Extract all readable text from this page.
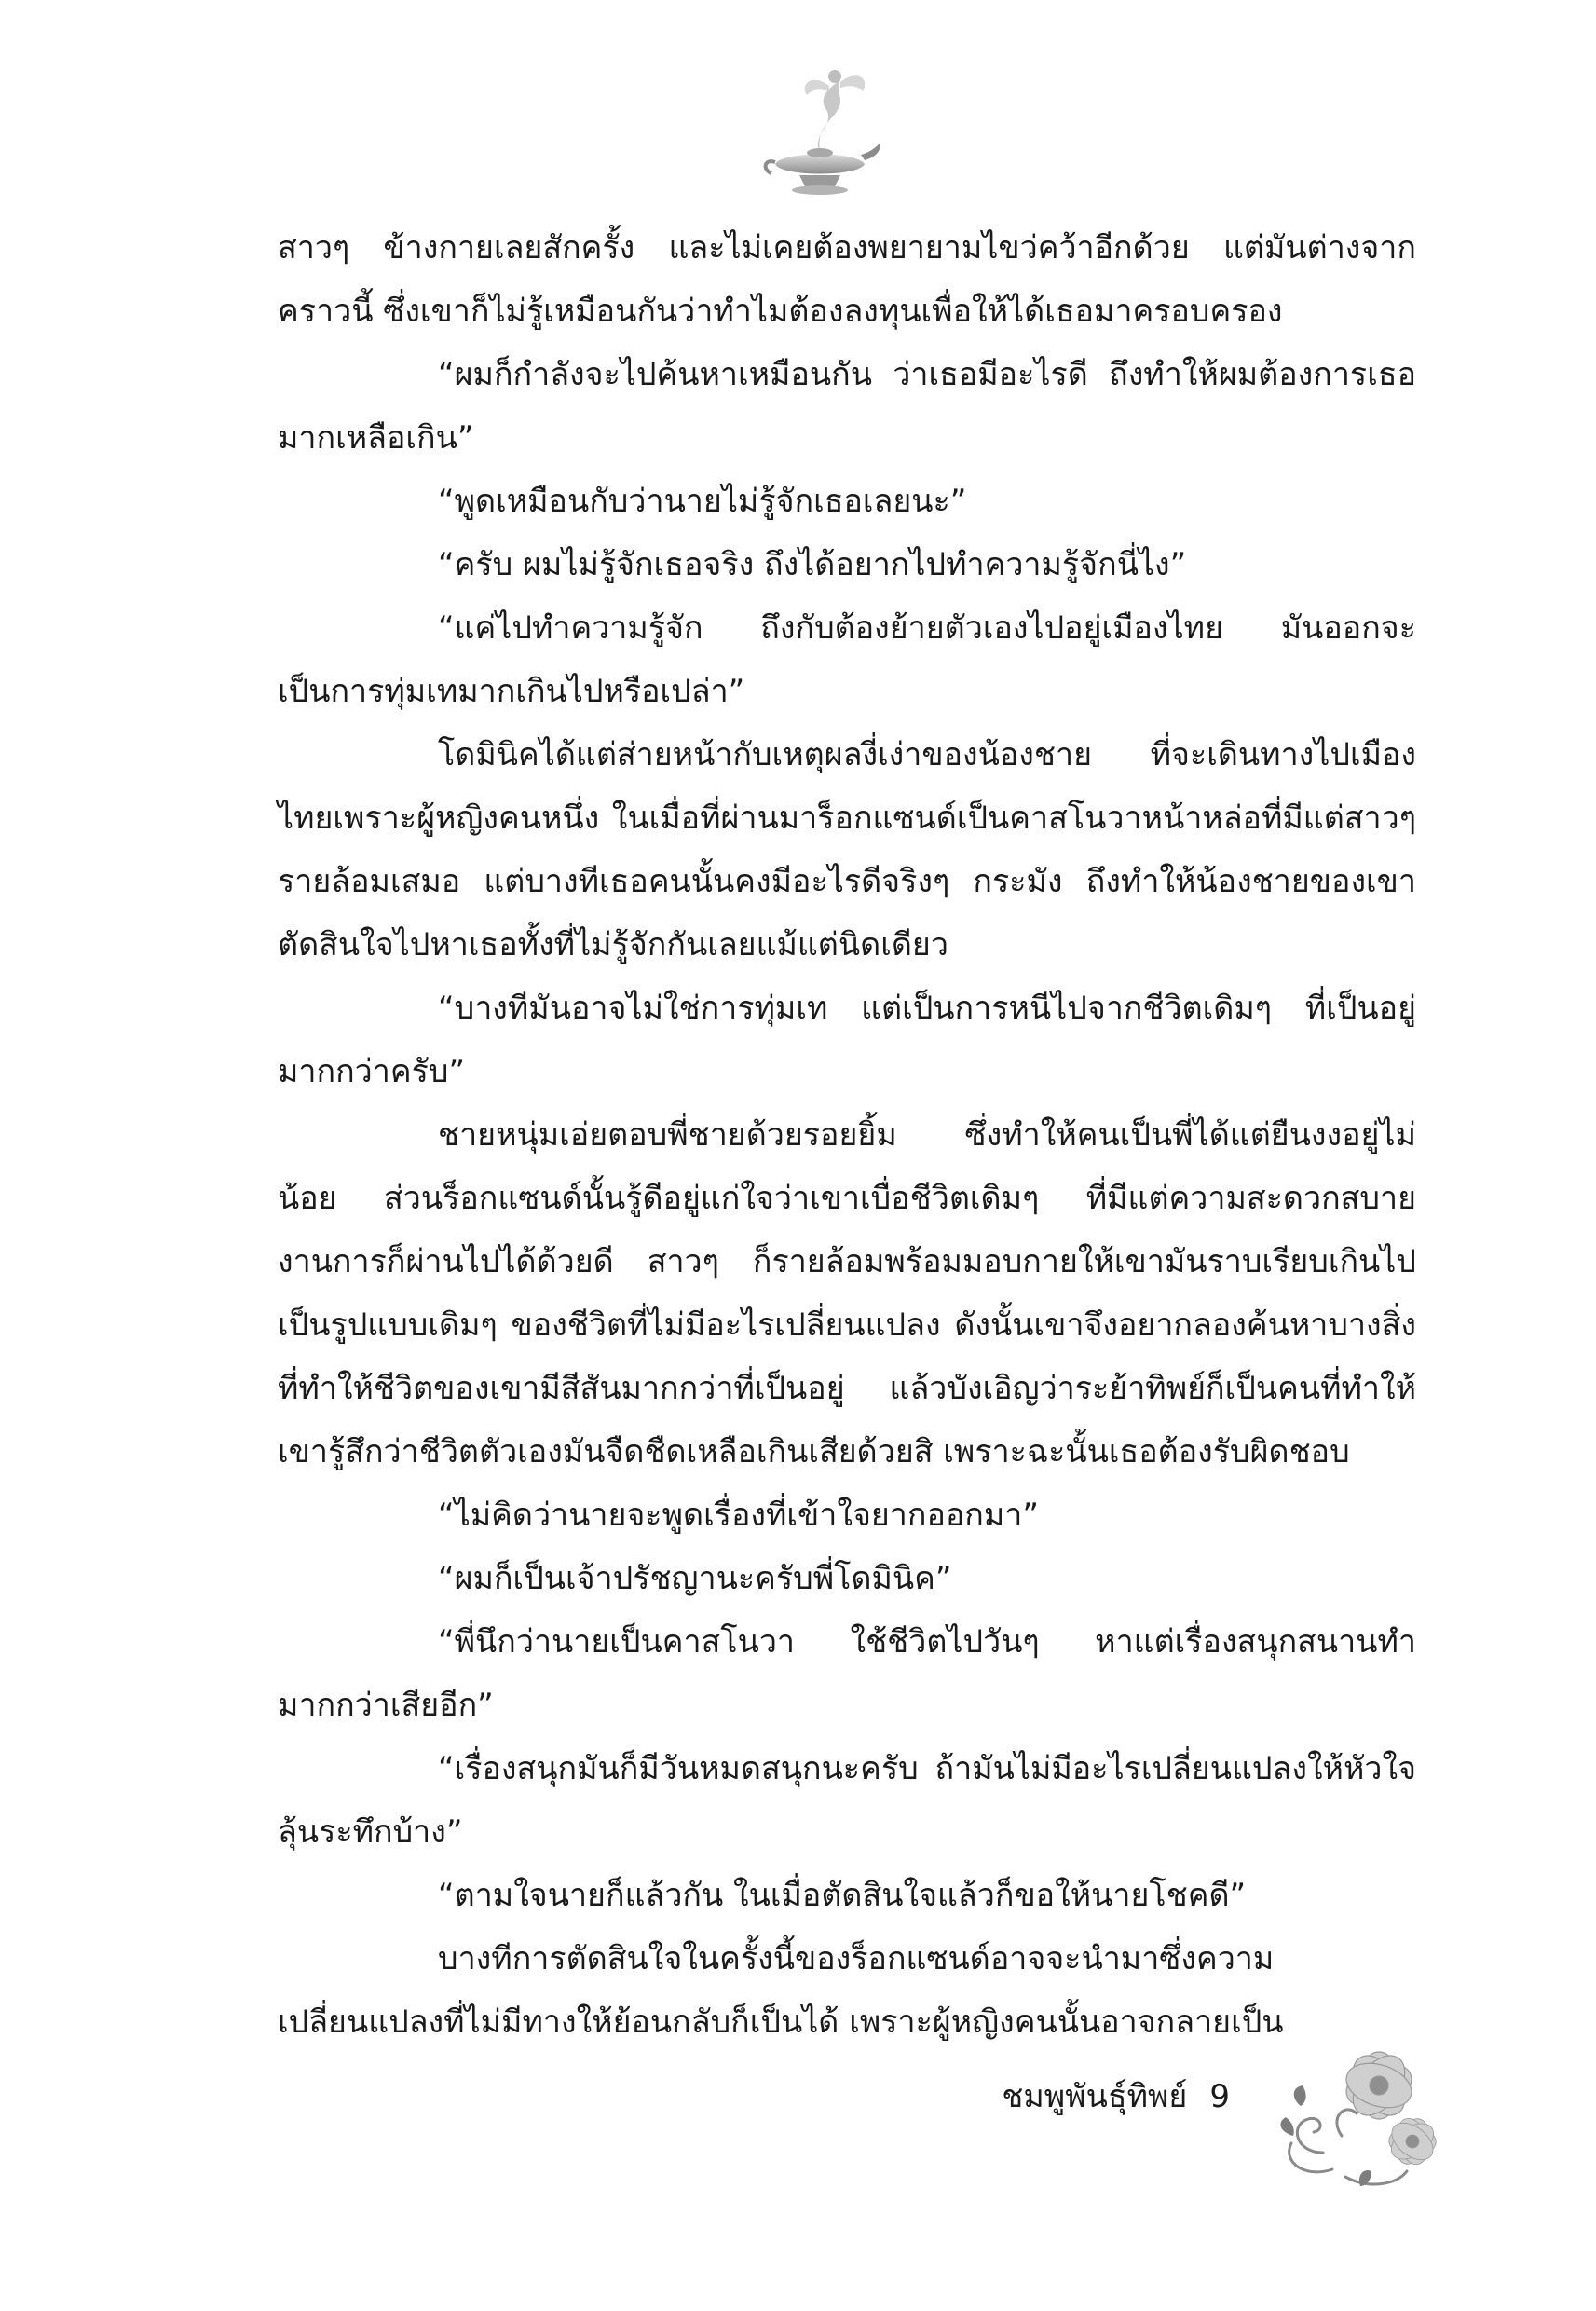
สาวๆ ข้างกายเลยสักครั้ง และไม่เคยต้องพยายามไขว่คว้าอีกด้วย แต่มันต่างจากคราวนี้ ซึ่งเขาก็ไม่รู้เหมือนกันว่าทำไมต้องลงทุนเพื่อให้ได้เธอมาครอบครอง

“ผมก็กำลังจะไปค้นหาเหมือนกัน ว่าเธอมีอะไรดี ถึงทำให้ผมต้องการเธอมากเหลือเกิน”

“พูดเหมือนกับว่านายไม่รู้จักเธอเลยนะ”

“ครับ ผมไม่รู้จักเธอจริง ถึงได้อยากไปทำความรู้จักนี่ไง”

“แค่ไปทำความรู้จัก ถึงกับต้องย้ายตัวเองไปอยู่เมืองไทย มันออกจะเป็นการทุ่มเทมากเกินไปหรือเปล่า”

โดมินิคได้แต่ส่ายหน้ากับเหตุผลงี่เง่าของน้องชาย ที่จะเดินทางไปเมืองไทยเพราะผู้หญิงคนหนึ่ง ในเมื่อที่ผ่านมาร็อกแซนด์เป็นคาสโนวาหน้าหล่อที่มีแต่สาวๆ รายล้อมเสมอ แต่บางทีเธอคนนั้นคงมีอะไรดีจริงๆ กระมัง ถึงทำให้น้องชายของเขาตัดสินใจไปหาเธอทั้งที่ไม่รู้จักกันเลยแม้แต่นิดเดียว

“บางทีมันอาจไม่ใช่การทุ่มเท แต่เป็นการหนีไปจากชีวิตเดิมๆ ที่เป็นอยู่มากกว่าครับ”

ชายหนุ่มเอ่ยตอบพี่ชายด้วยรอยยิ้ม ซึ่งทำให้คนเป็นพี่ได้แต่ยืนงงอยู่ไม่น้อย ส่วนร็อกแซนด์นั้นรู้ดีอยู่แก่ใจว่าเขาเบื่อชีวิตเดิมๆ ที่มีแต่ความสะดวกสบาย งานการก็ผ่านไปได้ด้วยดี สาวๆ ก็รายล้อมพร้อมมอบกายให้เขามันราบเรียบเกินไป เป็นรูปแบบเดิมๆ ของชีวิตที่ไม่มีอะไรเปลี่ยนแปลง ดังนั้นเขาจึงอยากลองค้นหาบางสิ่งที่ทำให้ชีวิตของเขามีสีสันมากกว่าที่เป็นอยู่ แล้วบังเอิญว่าระย้าทิพย์ก็เป็นคนที่ทำให้เขารู้สึกว่าชีวิตตัวเองมันจืดชืดเหลือเกินเสียด้วยสิ เพราะฉะนั้นเธอต้องรับผิดชอบ

“ไม่คิดว่านายจะพูดเรื่องที่เข้าใจยากออกมา”

“ผมก็เป็นเจ้าปรัชญานะครับพี่โดมินิค”

“พี่นึกว่านายเป็นคาสโนวา ใช้ชีวิตไปวันๆ หาแต่เรื่องสนุกสนานทำมากกว่าเสียอีก”

“เรื่องสนุกมันก็มีวันหมดสนุกนะครับ ถ้ามันไม่มีอะไรเปลี่ยนแปลงให้หัวใจลุ้นระทึกบ้าง”

“ตามใจนายก็แล้วกัน ในเมื่อตัดสินใจแล้วก็ขอให้นายโชคดี”

บางทีการตัดสินใจในครั้งนี้ของร็อกแซนด์อาจจะนำมาซึ่งความเปลี่ยนแปลงที่ไม่มีทางให้ย้อนกลับก็เป็นได้ เพราะผู้หญิงคนนั้นอาจกลายเป็น

ชมพูพันธุ์ทิพย์ 9
